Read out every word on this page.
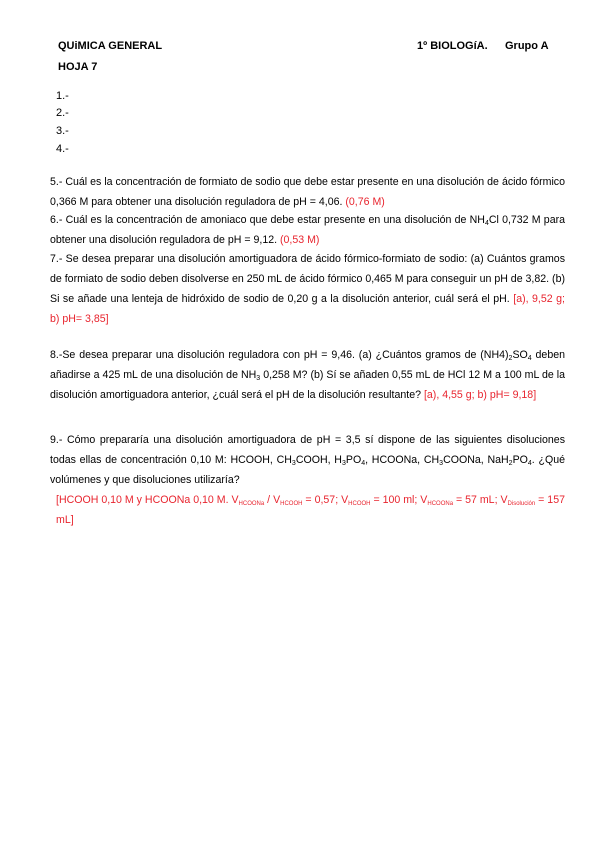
QUiMICA GENERAL
HOJA 7
1º BIOLOGíA. Grupo A
1.-
2.-
3.-
4.-

5.- Cuál es la concentración de formiato de sodio que debe estar presente en una disolución de ácido fórmico 0,366 M para obtener una disolución reguladora de pH = 4,06. (0,76 M)

6.- Cuál es la concentración de amoniaco que debe estar presente en una disolución de $NH_4Cl$ 0,732 M para obtener una disolución reguladora de pH = 9,12. (0,53 M)

7.- Se desea preparar una disolución amortiguadora de ácido fórmico-formiato de sodio: (a) Cuántos gramos de formiato de sodio deben disolverse en 250 mL de ácido fórmico 0,465 M para conseguir un pH de 3,82. (b) Si se añade una lenteja de hidróxido de sodio de 0,20 g a la disolución anterior, cuál será el pH. [a), 9,52 g; b) pH= 3,85]

8.-Se desea preparar una disolución reguladora con pH = 9,46. (a) ¿Cuántos gramos de $(NH4)_2SO_4$ deben añadirse a 425 mL de una disolución de $NH_3$ 0,258 M? (b) Sí se añaden 0,55 mL de HCl 12 M a 100 mL de la disolución amortiguadora anterior, ¿cuál será el pH de la disolución resultante? [a), 4,55 g; b) pH= 9,18]

9.- Cómo prepararía una disolución amortiguadora de pH = 3,5 sí dispone de las siguientes disoluciones todas ellas de concentración 0,10 M: HCOOH, $CH_3COOH$, $H_3PO_4$, HCOONa, $CH_3COONa$, $NaH_2PO_4$. ¿Qué volúmenes y que disoluciones utilizaría?

[HCOOH 0,10 M y HCOONa 0,10 M. $V_{HCOONa} / V_{HCOOH} = 0,57$; $V_{HCOOH} = 100$ ml; $V_{HCOONa} = 57$ mL; $V_{Disolución} = 157$ mL]
